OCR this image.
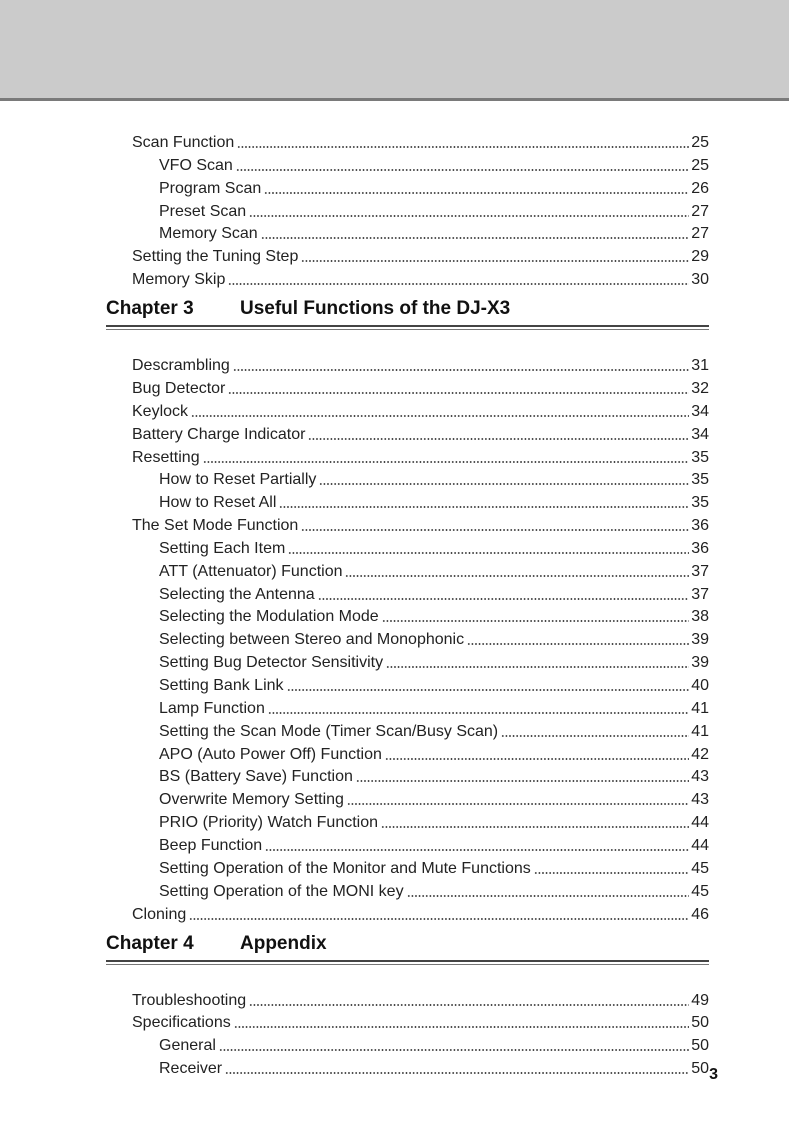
Scan Function	25
VFO Scan	25
Program Scan	26
Preset Scan	27
Memory Scan	27
Setting the Tuning Step	29
Memory Skip	30
Chapter 3 Useful Functions of the DJ-X3
Descrambling	31
Bug Detector	32
Keylock	34
Battery Charge Indicator	34
Resetting	35
How to Reset Partially	35
How to Reset All	35
The Set Mode Function	36
Setting Each Item	36
ATT (Attenuator) Function	37
Selecting the Antenna	37
Selecting the Modulation Mode	38
Selecting between Stereo and Monophonic	39
Setting Bug Detector Sensitivity	39
Setting Bank Link	40
Lamp Function	41
Setting the Scan Mode (Timer Scan/Busy Scan)	41
APO (Auto Power Off) Function	42
BS (Battery Save) Function	43
Overwrite Memory Setting	43
PRIO (Priority) Watch Function	44
Beep Function	44
Setting Operation of the Monitor and Mute Functions	45
Setting Operation of the MONI key	45
Cloning	46
Chapter 4 Appendix
Troubleshooting	49
Specifications	50
General	50
Receiver	50 3
